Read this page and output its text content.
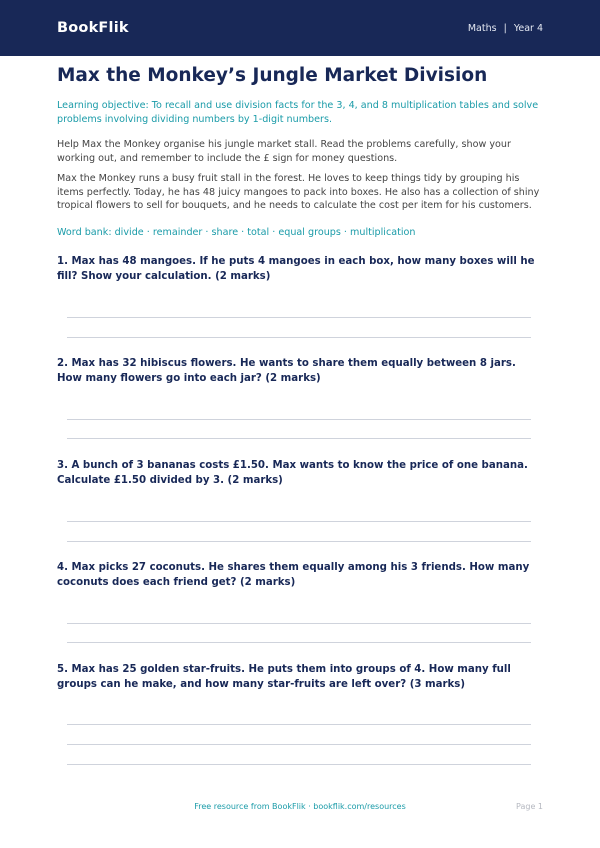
BookFlik	Maths | Year 4
Max the Monkey’s Jungle Market Division

Learning objective: To recall and use division facts for the 3, 4, and 8 multiplication tables and solve problems involving dividing numbers by 1-digit numbers.

Help Max the Monkey organise his jungle market stall. Read the problems carefully, show your working out, and remember to include the £ sign for money questions.

Max the Monkey runs a busy fruit stall in the forest. He loves to keep things tidy by grouping his items perfectly. Today, he has 48 juicy mangoes to pack into boxes. He also has a collection of shiny tropical flowers to sell for bouquets, and he needs to calculate the cost per item for his customers.

Word bank: divide · remainder · share · total · equal groups · multiplication

1. Max has 48 mangoes. If he puts 4 mangoes in each box, how many boxes will he fill? Show your calculation. (2 marks)
2. Max has 32 hibiscus flowers. He wants to share them equally between 8 jars. How many flowers go into each jar? (2 marks)
3. A bunch of 3 bananas costs £1.50. Max wants to know the price of one banana. Calculate £1.50 divided by 3. (2 marks)
4. Max picks 27 coconuts. He shares them equally among his 3 friends. How many coconuts does each friend get? (2 marks)
5. Max has 25 golden star-fruits. He puts them into groups of 4. How many full groups can he make, and how many star-fruits are left over? (3 marks)
Free resource from BookFlik · bookflik.com/resources	Page 1
